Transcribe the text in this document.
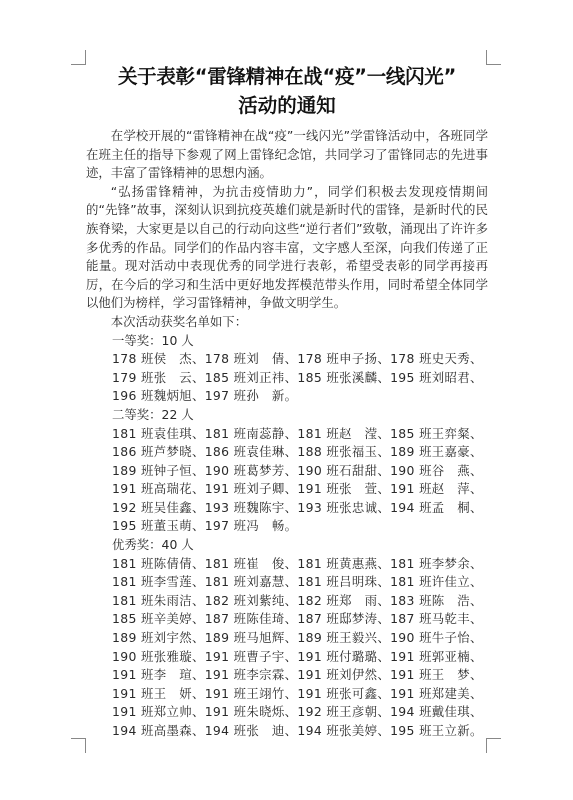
关于表彰“雷锋精神在战“疫”一线闪光”
活动的通知

在学校开展的“雷锋精神在战“疫”一线闪光”学雷锋活动中，各班同学在班主任的指导下参观了网上雷锋纪念馆，共同学习了雷锋同志的先进事迹，丰富了雷锋精神的思想内涵。

“弘扬雷锋精神，为抗击疫情助力”，同学们积极去发现疫情期间的“先锋”故事，深刻认识到抗疫英雄们就是新时代的雷锋，是新时代的民族脊梁，大家更是以自己的行动向这些“逆行者们”致敬，涌现出了许许多多优秀的作品。同学们的作品内容丰富，文字感人至深，向我们传递了正能量。现对活动中表现优秀的同学进行表彰，希望受表彰的同学再接再厉，在今后的学习和生活中更好地发挥模范带头作用，同时希望全体同学以他们为榜样，学习雷锋精神，争做文明学生。

本次活动获奖名单如下：

一等奖：10 人

178 班侯　杰、178 班刘　倩、178 班申子扬、178 班史天秀、

179 班张　云、185 班刘正祎、185 班张溪麟、195 班刘昭君、

196 班魏炳旭、197 班孙　新。

二等奖：22 人

181 班袁佳琪、181 班南蕊静、181 班赵　滢、185 班王弈粲、

186 班芦梦晓、186 班袁佳琳、188 班张福玉、189 班王嘉豪、

189 班钟子恒、190 班葛梦芳、190 班石甜甜、190 班谷　燕、

191 班高瑞花、191 班刘子卿、191 班张　萱、191 班赵　萍、

192 班吴佳鑫、193 班魏陈宇、193 班张忠诚、194 班孟　桐、

195 班董玉萌、197 班冯　畅。

优秀奖：40 人

181 班陈倩倩、181 班崔　俊、181 班黄惠燕、181 班李梦余、

181 班李雪莲、181 班刘嘉慧、181 班吕明珠、181 班许佳立、

181 班朱雨洁、182 班刘紫纯、182 班郑　雨、183 班陈　浩、

185 班辛美婷、187 班陈佳琦、187 班邸梦涛、187 班马乾丰、

189 班刘宇然、189 班马旭辉、189 班王毅兴、190 班牛子怡、

190 班张雅璇、191 班曹子宇、191 班付璐璐、191 班郭亚楠、

191 班李　瑄、191 班李宗霖、191 班刘伊然、191 班王　梦、

191 班王　妍、191 班王翊竹、191 班张可鑫、191 班郑建美、

191 班郑立帅、191 班朱晓烁、192 班王彦朝、194 班戴佳琪、

194 班高墨森、194 班张　迪、194 班张美婷、195 班王立新。
